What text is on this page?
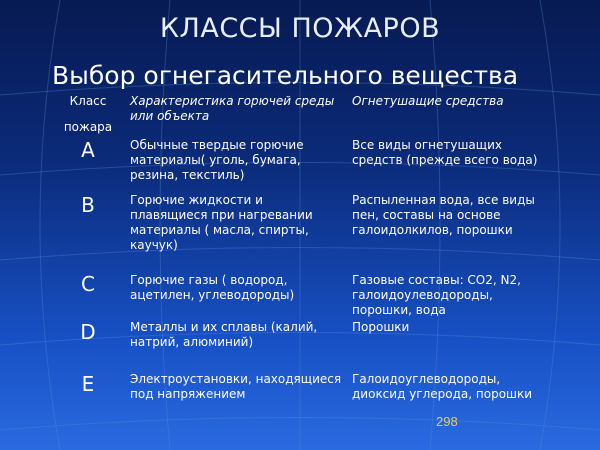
КЛАССЫ ПОЖАРОВ
Выбор огнегасительного вещества
Класс
пожара	Характеристика горючей среды или объекта	Огнетушащие средства
A	Обычные твердые горючие материалы( уголь, бумага, резина, текстиль)	Все виды огнетушащих средств (прежде всего вода)
B	Горючие жидкости и плавящиеся при нагревании материалы ( масла, спирты, каучук)	Распыленная вода, все виды пен, составы на основе галоидолкилов, порошки
C	Горючие газы ( водород, ацетилен, углеводороды)	Газовые составы: CO2, N2, галоидоулеводороды, порошки, вода
D	Металлы и их сплавы (калий, натрий, алюминий)	Порошки
E	Электроустановки, находящиеся под напряжением	Галоидоуглеводороды, диоксид углерода, порошки
298
